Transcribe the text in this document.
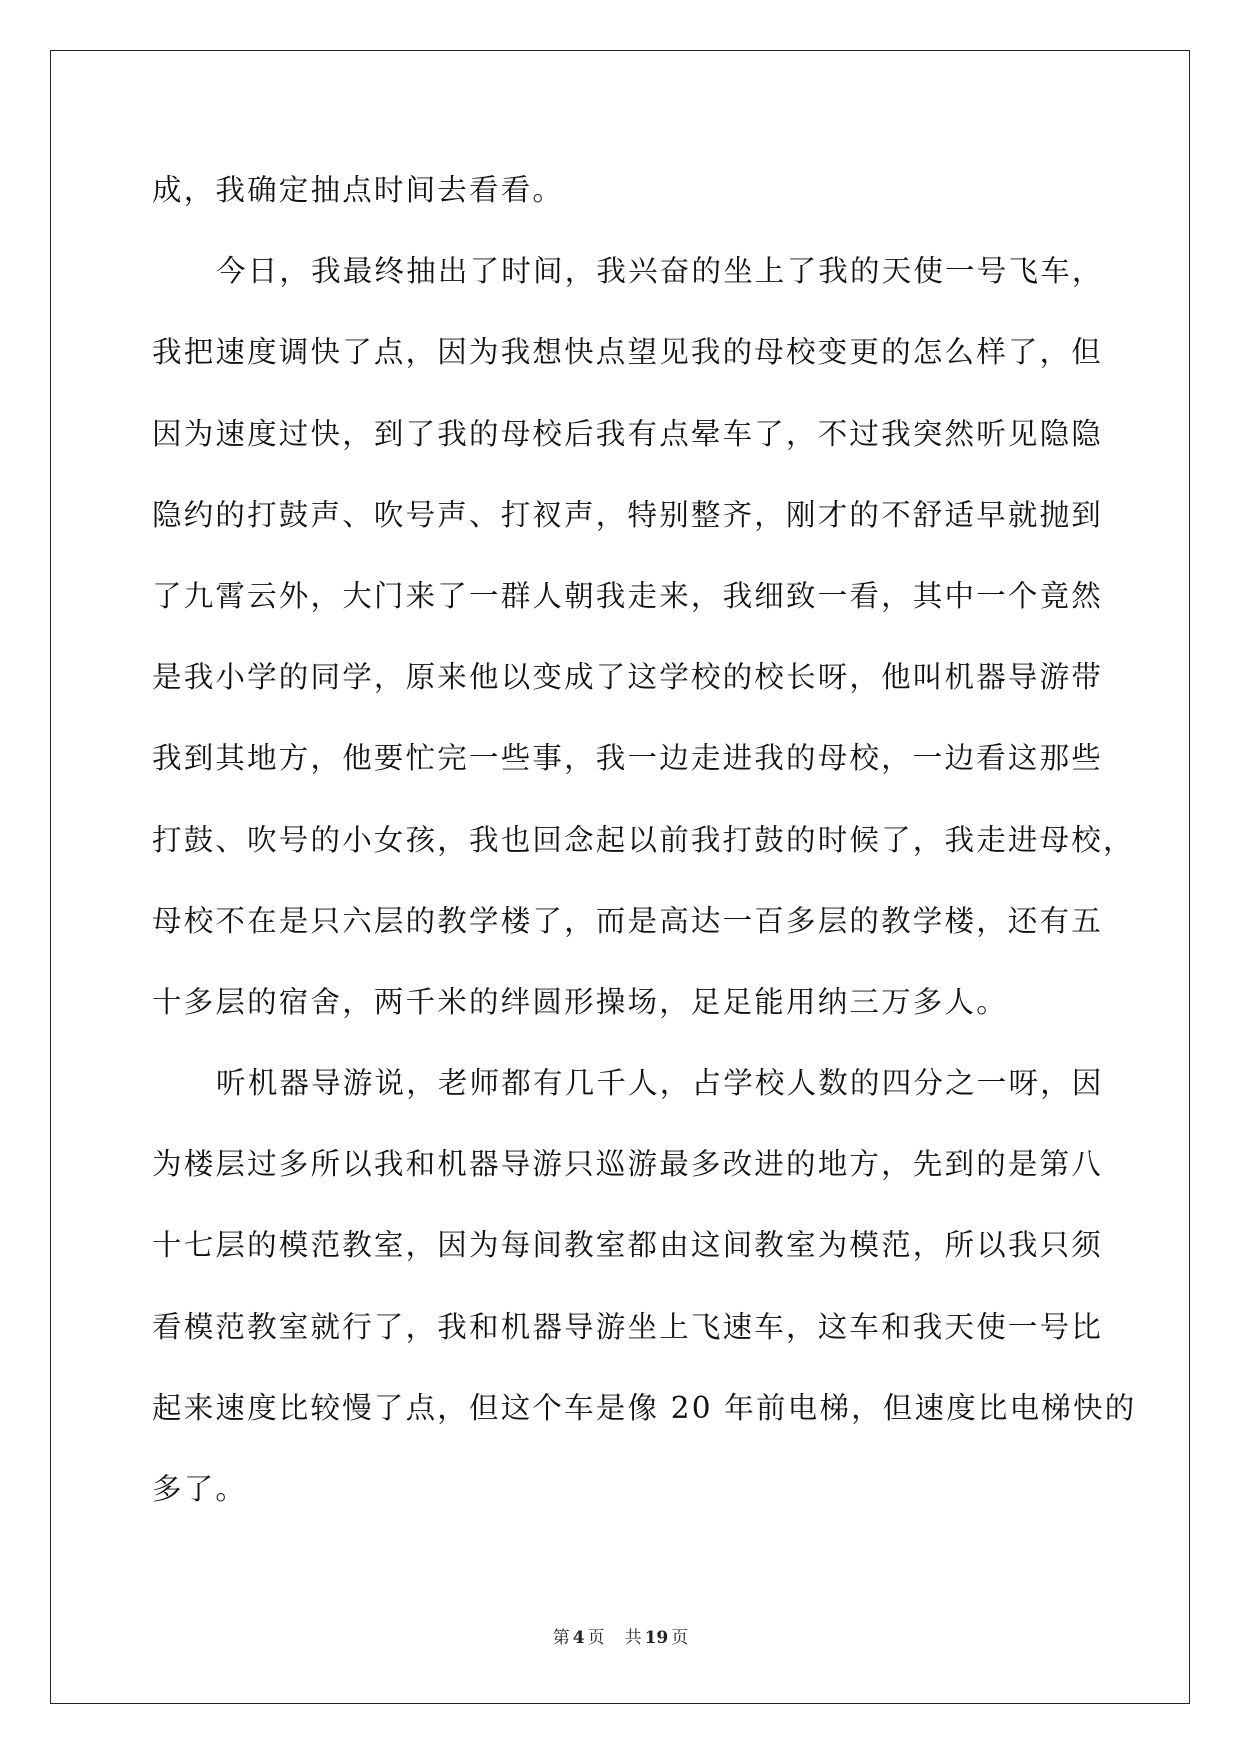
成，我确定抽点时间去看看。
今日，我最终抽出了时间，我兴奋的坐上了我的天使一号飞车，
我把速度调快了点，因为我想快点望见我的母校变更的怎么样了，但
因为速度过快，到了我的母校后我有点晕车了，不过我突然听见隐隐
隐约的打鼓声、吹号声、打衩声，特别整齐，刚才的不舒适早就抛到
了九霄云外，大门来了一群人朝我走来，我细致一看，其中一个竟然
是我小学的同学，原来他以变成了这学校的校长呀，他叫机器导游带
我到其地方，他要忙完一些事，我一边走进我的母校，一边看这那些
打鼓、吹号的小女孩，我也回念起以前我打鼓的时候了，我走进母校，
母校不在是只六层的教学楼了，而是高达一百多层的教学楼，还有五
十多层的宿舍，两千米的绊圆形操场，足足能用纳三万多人。
听机器导游说，老师都有几千人，占学校人数的四分之一呀，因
为楼层过多所以我和机器导游只巡游最多改进的地方，先到的是第八
十七层的模范教室，因为每间教室都由这间教室为模范，所以我只须
看模范教室就行了，我和机器导游坐上飞速车，这车和我天使一号比
起来速度比较慢了点，但这个车是像 20 年前电梯，但速度比电梯快的
多了。
第 4 页 共 19 页
